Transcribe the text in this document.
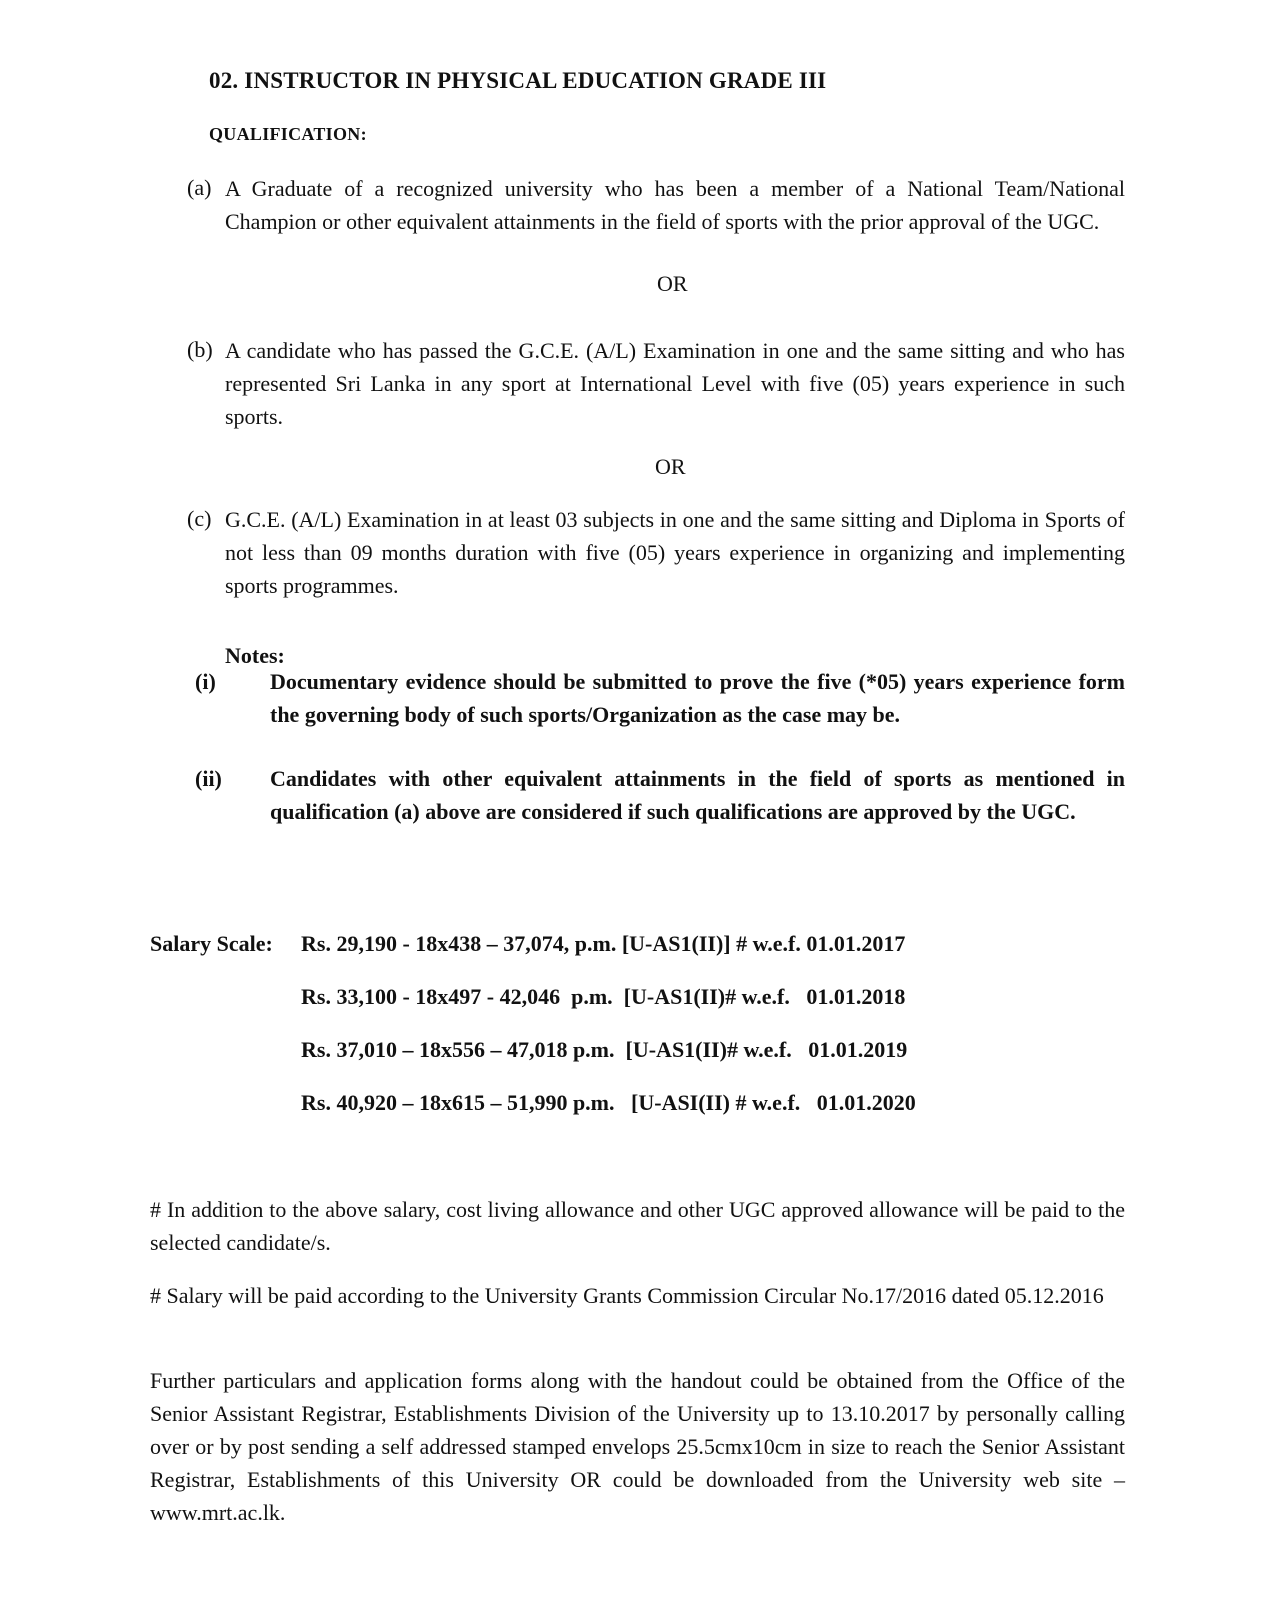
02. INSTRUCTOR IN PHYSICAL EDUCATION GRADE III
QUALIFICATION:
(a) A Graduate of a recognized university who has been a member of a National Team/National Champion or other equivalent attainments in the field of sports with the prior approval of the UGC.
OR
(b) A candidate who has passed the G.C.E. (A/L) Examination in one and the same sitting and who has represented Sri Lanka in any sport at International Level with five (05) years experience in such sports.
OR
(c) G.C.E. (A/L) Examination in at least 03 subjects in one and the same sitting and Diploma in Sports of not less than 09 months duration with five (05) years experience in organizing and implementing sports programmes.
Notes:
(i) Documentary evidence should be submitted to prove the five (*05) years experience form the governing body of such sports/Organization as the case may be.
(ii) Candidates with other equivalent attainments in the field of sports as mentioned in qualification (a) above are considered if such qualifications are approved by the UGC.
Salary Scale: Rs. 29,190 - 18x438 – 37,074, p.m. [U-AS1(II)] # w.e.f. 01.01.2017
Rs. 33,100 - 18x497 - 42,046  p.m.  [U-AS1(II)# w.e.f.   01.01.2018
Rs. 37,010 – 18x556 – 47,018 p.m.  [U-AS1(II)# w.e.f.   01.01.2019
Rs. 40,920 – 18x615 – 51,990 p.m.   [U-ASI(II) # w.e.f.   01.01.2020
# In addition to the above salary, cost living allowance and other UGC approved allowance will be paid to the selected candidate/s.
# Salary will be paid according to the University Grants Commission Circular No.17/2016 dated 05.12.2016
Further particulars and application forms along with the handout could be obtained from the Office of the Senior Assistant Registrar, Establishments Division of the University up to 13.10.2017 by personally calling over or by post sending a self addressed stamped envelops 25.5cmx10cm in size to reach the Senior Assistant Registrar, Establishments of this University OR could be downloaded from the University web site –www.mrt.ac.lk.
